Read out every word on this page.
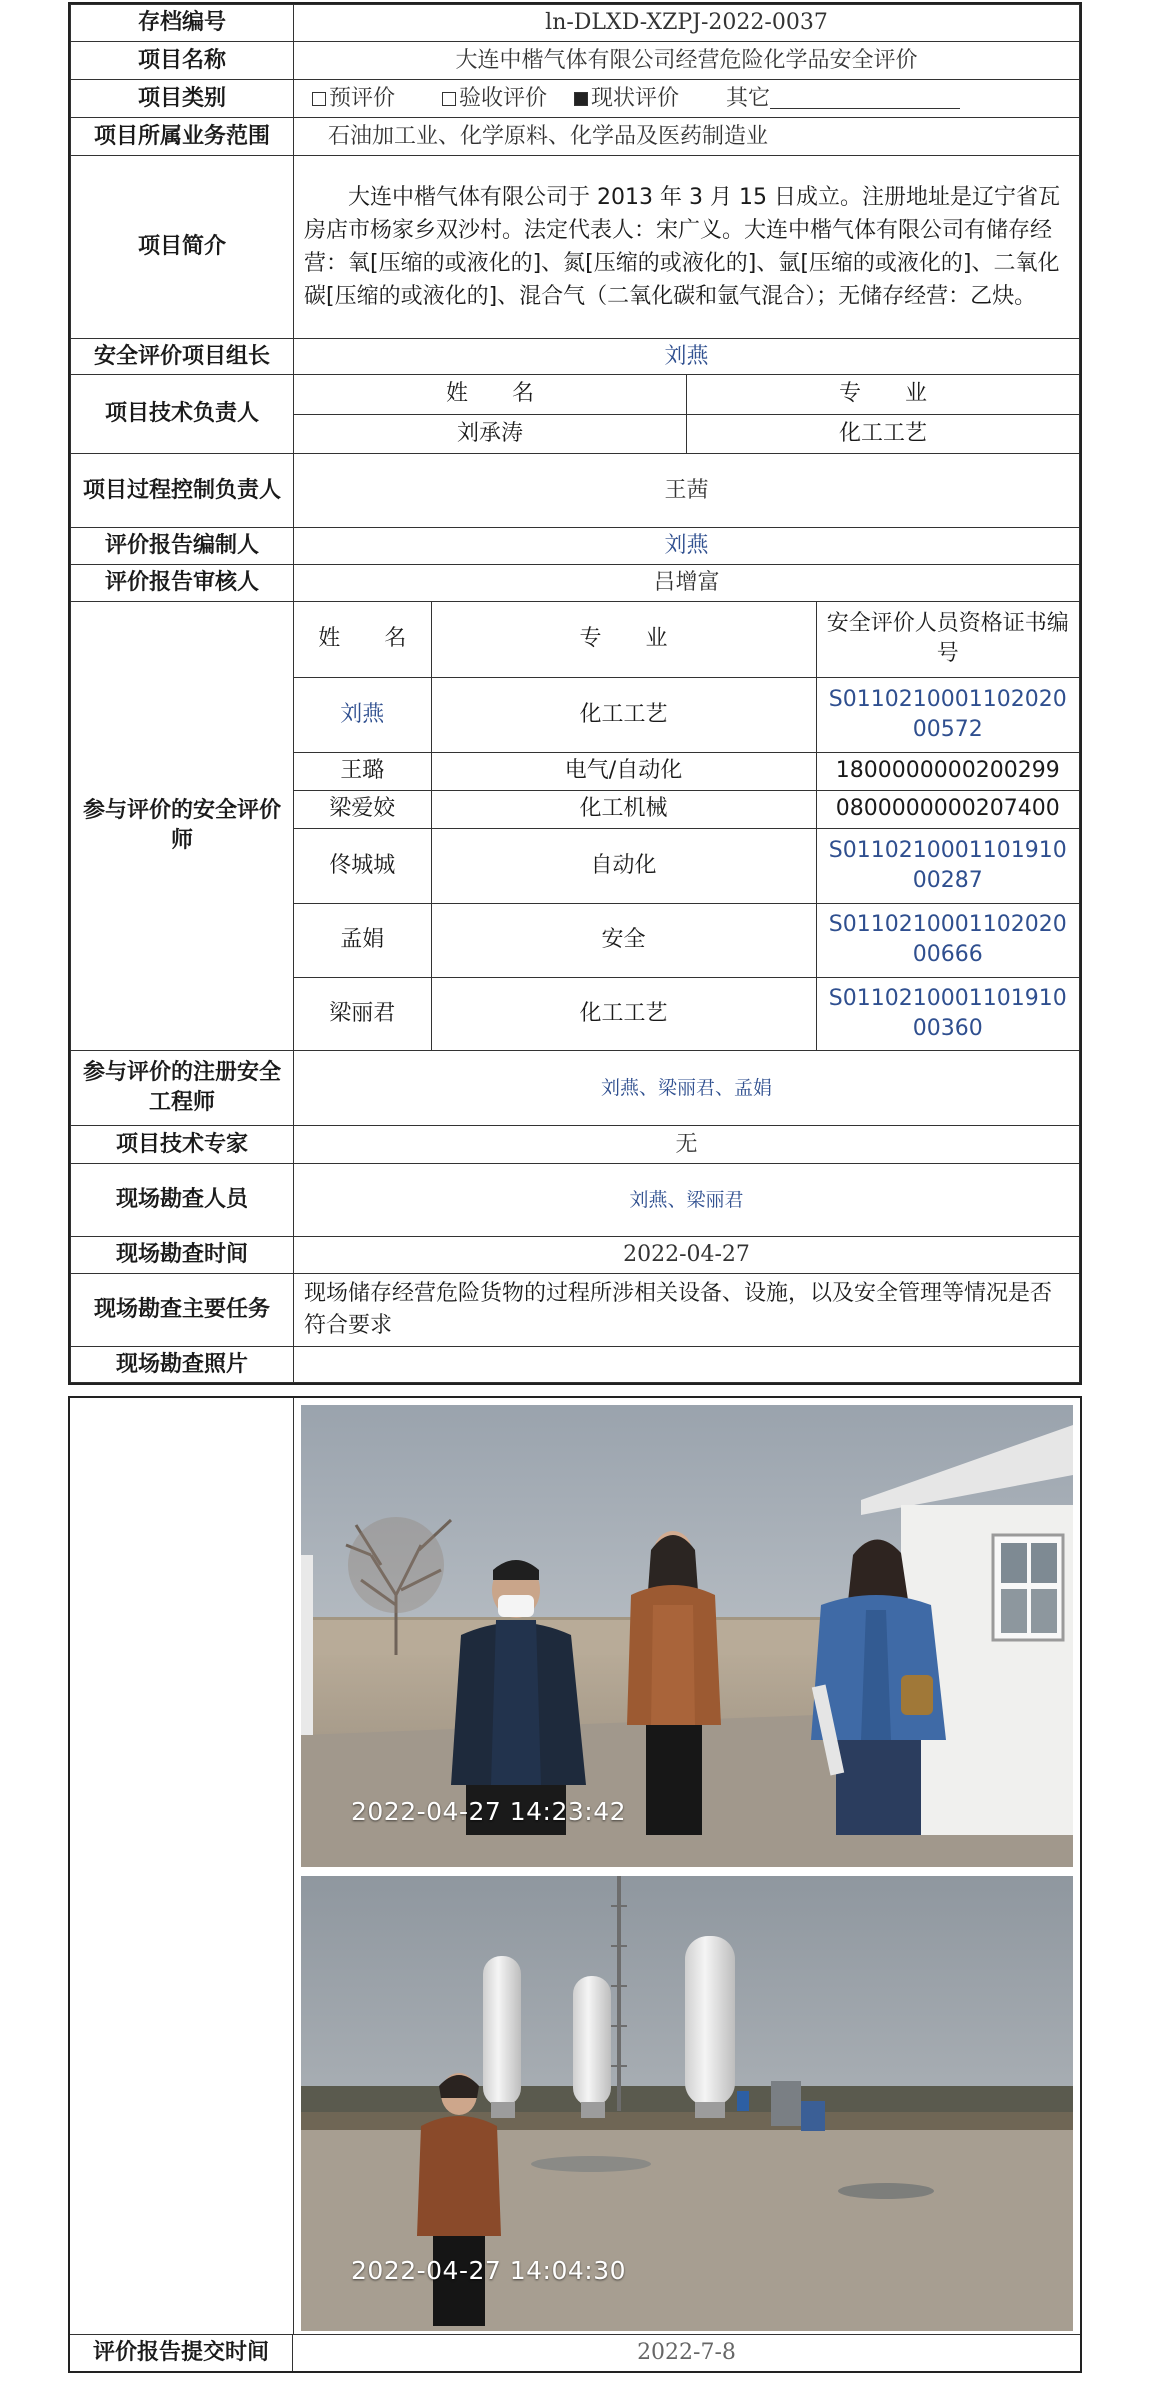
存档编号	ln-DLXD-XZPJ-2022-0037
项目名称	大连中楷气体有限公司经营危险化学品安全评价
项目类别	预评价	验收评价 现状评价 其它
项目所属业务范围	石油加工业、化学原料、化学品及医药制造业
项目简介	大连中楷气体有限公司于 2013 年 3 月 15 日成立。注册地址是辽宁省瓦房店市杨家乡双沙村。法定代表人：宋广义。大连中楷气体有限公司有储存经营：氧[压缩的或液化的]、氮[压缩的或液化的]、氩[压缩的或液化的]、二氧化碳[压缩的或液化的]、混合气（二氧化碳和氩气混合）；无储存经营：乙炔。
安全评价项目组长	刘燕
项目技术负责人	
姓　　名	专　　业
刘承涛	化工工艺

项目过程控制负责人	王茜
评价报告编制人	刘燕
评价报告审核人	吕增富
参与评价的安全评价师	
姓　　名	专　　业	安全评价人员资格证书编号
刘燕	化工工艺	S011021000110202000572
王璐	电气/自动化	1800000000200299
梁爱姣	化工机械	0800000000207400
佟城城	自动化	S011021000110191000287
孟娟	安全	S011021000110202000666
梁丽君	化工工艺	S011021000110191000360

参与评价的注册安全工程师	刘燕、梁丽君、孟娟
项目技术专家	无
现场勘查人员	刘燕、梁丽君
现场勘查时间	2022-04-27
现场勘查主要任务	现场储存经营危险货物的过程所涉相关设备、设施，以及安全管理等情况是否符合要求
现场勘查照片	
评价报告提交时间	2022-7-8
2022-04-27 14:23:42
2022-04-27 14:04:30
